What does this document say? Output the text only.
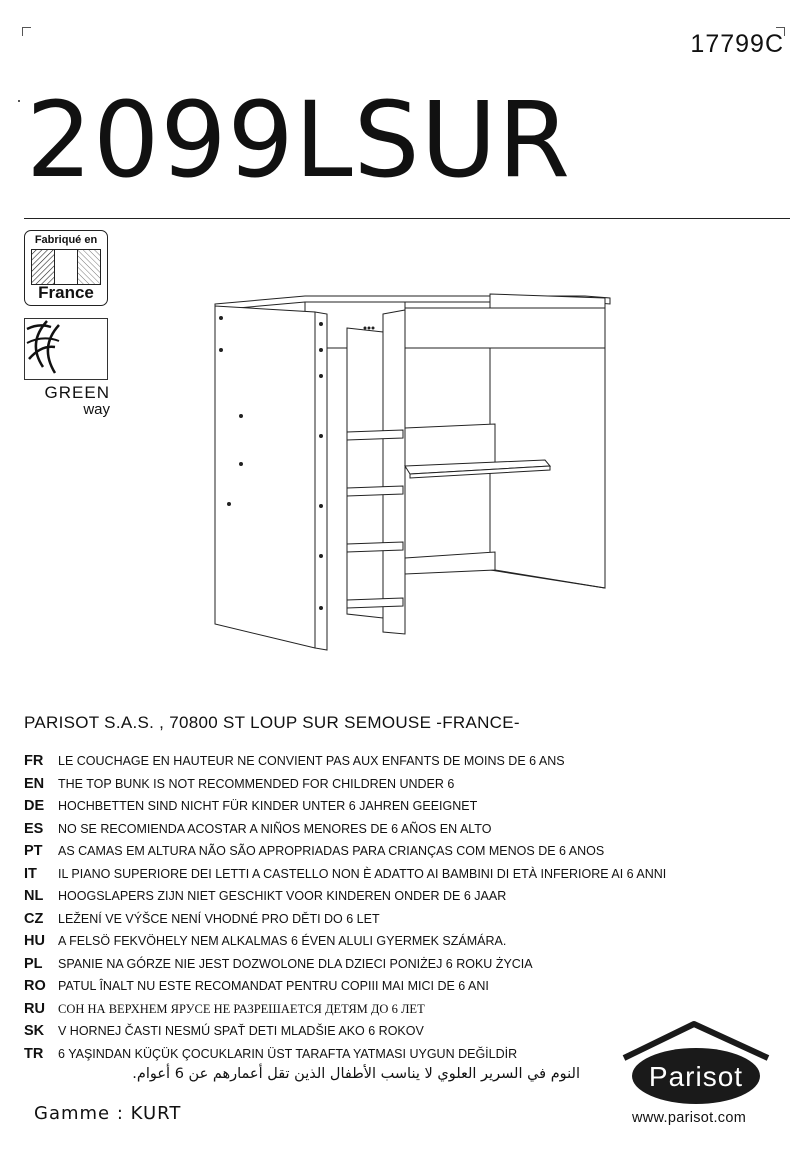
17799C
2099LSUR
Fabriqué en
France
GREEN
way
PARISOT S.A.S. , 70800 ST LOUP SUR SEMOUSE -FRANCE-
FR	LE COUCHAGE EN HAUTEUR NE CONVIENT PAS AUX ENFANTS DE MOINS DE 6 ANS
EN	THE TOP BUNK IS NOT RECOMMENDED FOR CHILDREN UNDER 6
DE	HOCHBETTEN SIND NICHT FÜR KINDER UNTER 6 JAHREN GEEIGNET
ES	NO SE RECOMIENDA ACOSTAR A NIÑOS MENORES DE 6 AÑOS EN ALTO
PT	AS CAMAS EM ALTURA NÃO SÃO APROPRIADAS PARA CRIANÇAS COM MENOS DE 6 ANOS
IT	IL PIANO SUPERIORE DEI LETTI A CASTELLO NON È ADATTO AI BAMBINI DI ETÀ INFERIORE AI 6 ANNI
NL	HOOGSLAPERS ZIJN NIET GESCHIKT VOOR KINDEREN ONDER DE 6 JAAR
CZ	LEŽENÍ VE VÝŠCE NENÍ VHODNÉ PRO DĚTI DO 6 LET
HU	A FELSÖ FEKVÖHELY NEM ALKALMAS 6 ÉVEN ALULI GYERMEK SZÁMÁRA.
PL	SPANIE NA GÓRZE NIE JEST DOZWOLONE DLA DZIECI PONIŻEJ 6 ROKU ŻYCIA
RO PATUL ÎNALT NU ESTE RECOMANDAT PENTRU COPIII MAI MICI DE 6 ANI
RU	СОН НА ВЕРХНЕМ ЯРУСЕ НЕ РАЗРЕШАЕТСЯ ДЕТЯМ ДО 6 ЛЕТ
SK	V HORNEJ ČASTI NESMÚ SPAŤ DETI MLADŠIE AKO 6 ROKOV
TR	6 YAŞINDAN KÜÇÜK ÇOCUKLARIN ÜST TARAFTA YATMASI UYGUN DEĞİLDİR
النوم في السرير العلوي لا يناسب الأطفال الذين تقل أعمارهم عن 6 أعوام.
Gamme : KURT
Parisot
www.parisot.com
